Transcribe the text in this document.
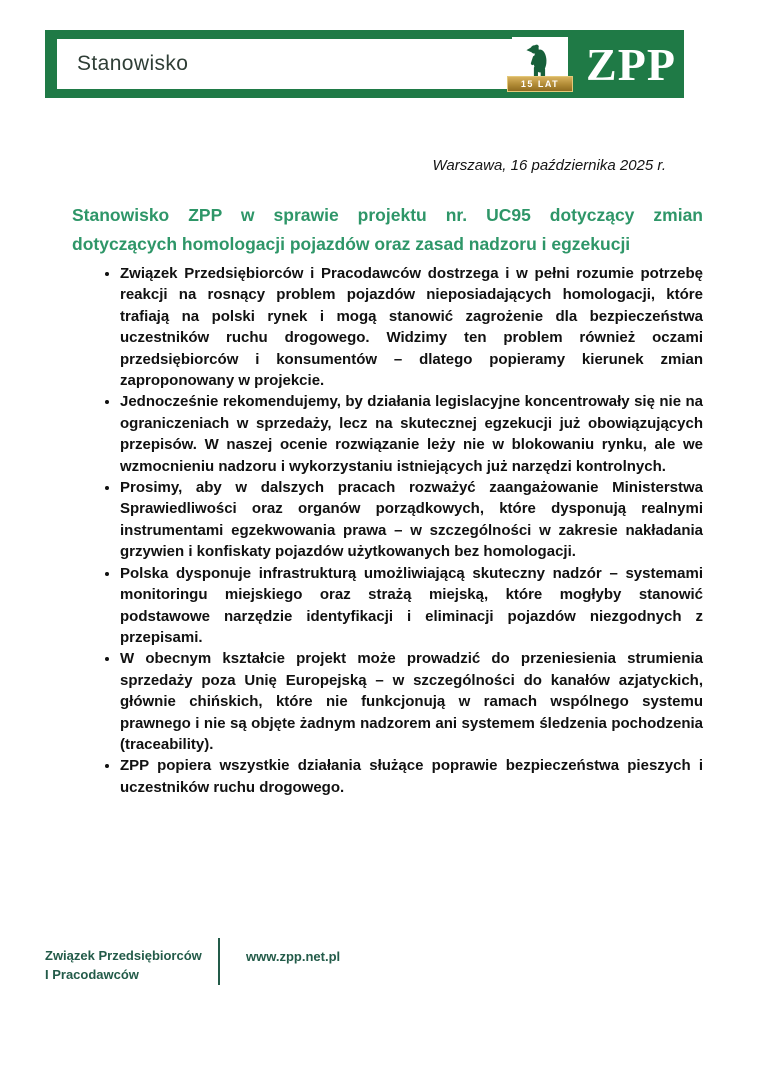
Stanowisko
15 LAT ZPP
Warszawa, 16 października 2025 r.
Stanowisko ZPP w sprawie projektu nr. UC95 dotyczący zmian
dotyczących homologacji pojazdów oraz zasad nadzoru i egzekucji
• Związek Przedsiębiorców i Pracodawców dostrzega i w pełni rozumie potrzebę reakcji na rosnący problem pojazdów nieposiadających homologacji, które trafiają na polski rynek i mogą stanowić zagrożenie dla bezpieczeństwa uczestników ruchu drogowego. Widzimy ten problem również oczami przedsiębiorców i konsumentów – dlatego popieramy kierunek zmian zaproponowany w projekcie.
• Jednocześnie rekomendujemy, by działania legislacyjne koncentrowały się nie na ograniczeniach w sprzedaży, lecz na skutecznej egzekucji już obowiązujących przepisów. W naszej ocenie rozwiązanie leży nie w blokowaniu rynku, ale we wzmocnieniu nadzoru i wykorzystaniu istniejących już narzędzi kontrolnych.
• Prosimy, aby w dalszych pracach rozważyć zaangażowanie Ministerstwa Sprawiedliwości oraz organów porządkowych, które dysponują realnymi instrumentami egzekwowania prawa – w szczególności w zakresie nakładania grzywien i konfiskaty pojazdów użytkowanych bez homologacji.
• Polska dysponuje infrastrukturą umożliwiającą skuteczny nadzór – systemami monitoringu miejskiego oraz strażą miejską, które mogłyby stanowić podstawowe narzędzie identyfikacji i eliminacji pojazdów niezgodnych z przepisami.
• W obecnym kształcie projekt może prowadzić do przeniesienia strumienia sprzedaży poza Unię Europejską – w szczególności do kanałów azjatyckich, głównie chińskich, które nie funkcjonują w ramach wspólnego systemu prawnego i nie są objęte żadnym nadzorem ani systemem śledzenia pochodzenia (traceability).
• ZPP popiera wszystkie działania służące poprawie bezpieczeństwa pieszych i uczestników ruchu drogowego.
Związek Przedsiębiorców
I Pracodawców
www.zpp.net.pl
